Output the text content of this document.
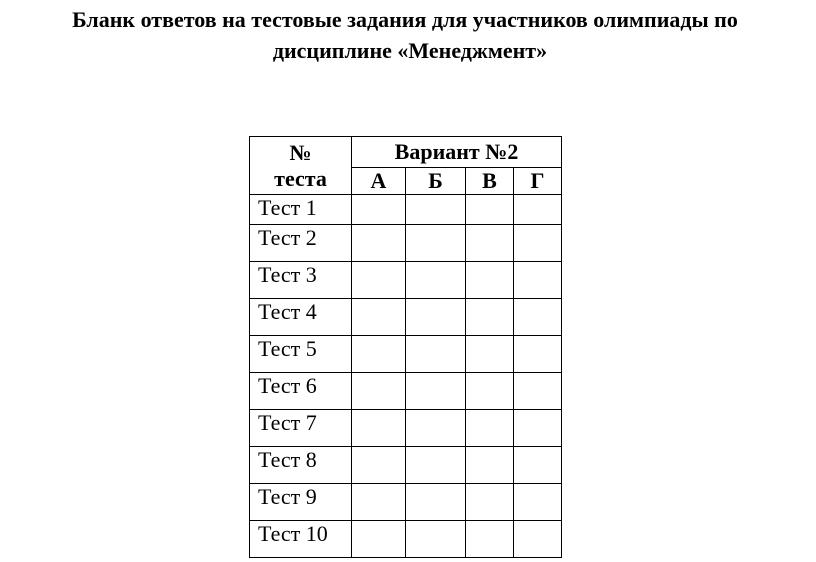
Бланк ответов на тестовые задания для участников олимпиады по
дисциплине «Менеджмент»
№
теста	Вариант №2			
	А	Б	В	Г
Тест 1				
Тест 2				
Тест 3				
Тест 4				
Тест 5				
Тест 6				
Тест 7				
Тест 8				
Тест 9				
Тест 10				
